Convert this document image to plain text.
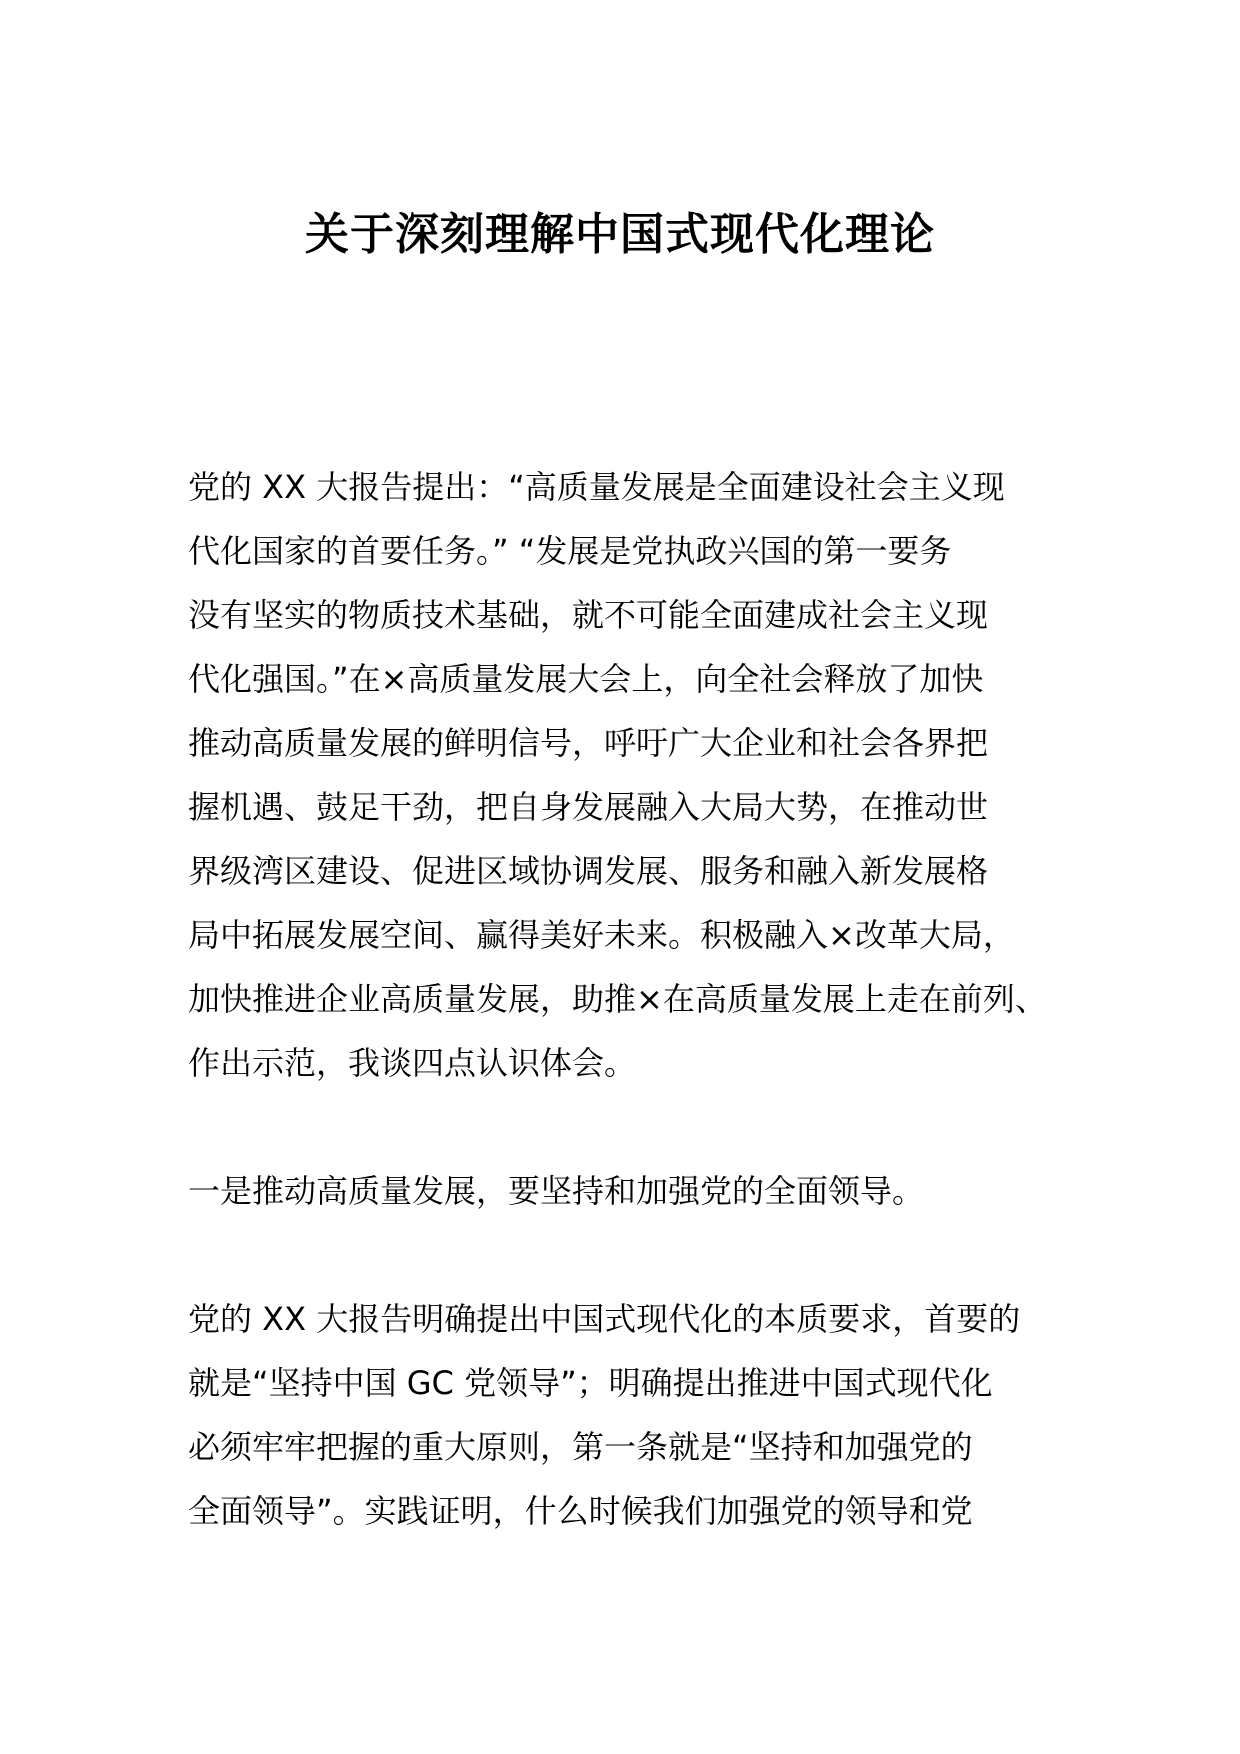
关于深刻理解中国式现代化理论
党的 XX 大报告提出：“高质量发展是全面建设社会主义现
代化国家的首要任务。” “发展是党执政兴国的第一要务
没有坚实的物质技术基础，就不可能全面建成社会主义现
代化强国。”在×高质量发展大会上，向全社会释放了加快
推动高质量发展的鲜明信号，呼吁广大企业和社会各界把
握机遇、鼓足干劲，把自身发展融入大局大势，在推动世
界级湾区建设、促进区域协调发展、服务和融入新发展格
局中拓展发展空间、赢得美好未来。积极融入×改革大局，
加快推进企业高质量发展，助推×在高质量发展上走在前列、
作出示范，我谈四点认识体会。
一是推动高质量发展，要坚持和加强党的全面领导。
党的 XX 大报告明确提出中国式现代化的本质要求，首要的
就是“坚持中国 GC 党领导”；明确提出推进中国式现代化
必须牢牢把握的重大原则，第一条就是“坚持和加强党的
全面领导”。实践证明，什么时候我们加强党的领导和党
